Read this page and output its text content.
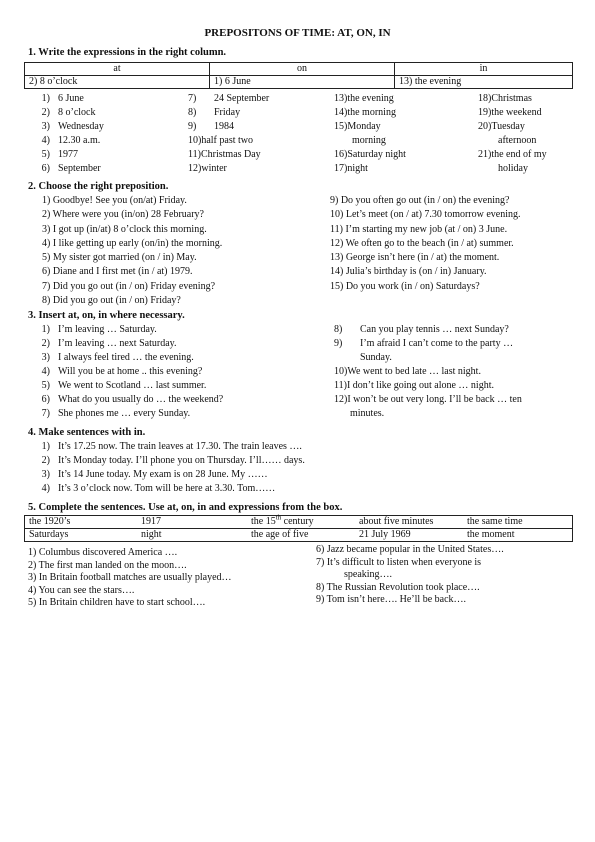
PREPOSITONS OF TIME: AT, ON, IN

1. Write the expressions in the right column.

at	on	in
2) 8 o’clock	1) 6 June	13) the evening
1) 6 June
2) 8 o’clock
3) Wednesday
4) 12.30 a.m.
5) 1977
6) September
7) 24 September
8) Friday
9) 1984
10)half past two
11)Christmas Day
12)winter
13)the evening
14)the morning
15)Monday
morning
16)Saturday night
17)night
18)Christmas
19)the weekend
20)Tuesday
afternoon
21)the end of my
holiday

2. Choose the right preposition.

1) Goodbye! See you (on/at) Friday.
2) Where were you (in/on) 28 February?
3) I got up (in/at) 8 o’clock this morning.
4) I like getting up early (on/in) the morning.
5) My sister got married (on / in) May.
6) Diane and I first met (in / at) 1979.
7) Did you go out (in / on) Friday evening?
8) Did you go out (in / on) Friday?
9) Do you often go out (in / on) the evening?
10) Let’s meet (on / at) 7.30 tomorrow evening.
11) I’m starting my new job (at / on) 3 June.
12) We often go to the beach (in / at) summer.
13) George isn’t here (in / at) the moment.
14) Julia’s birthday is (on / in) January.
15) Do you work (in / on) Saturdays?

3. Insert at, on, in where necessary.

1) I’m leaving … Saturday.
2) I’m leaving … next Saturday.
3) I always feel tired … the evening.
4) Will you be at home .. this evening?
5) We went to Scotland … last summer.
6) What do you usually do … the weekend?
7) She phones me … every Sunday.
8) Can you play tennis … next Sunday?
9) I’m afraid I can’t come to the party …
Sunday.
10)We went to bed late … last night.
11)I don’t like going out alone … night.
12)I won’t be out very long. I’ll be back … ten
minutes.

4. Make sentences with in.

1) It’s 17.25 now. The train leaves at 17.30. The train leaves ….
2) It’s Monday today. I’ll phone you on Thursday. I’ll…… days.
3) It’s 14 June today. My exam is on 28 June. My ……
4) It’s 3 o’clock now. Tom will be here at 3.30. Tom……

5. Complete the sentences. Use at, on, in and expressions from the box.

the 1920’s	1917	the 15th century	about five minutes	the same time
Saturdays	night	the age of five	21 July 1969	the moment
1) Columbus discovered America ….
2) The first man landed on the moon….
3) In Britain football matches are usually played…
4) You can see the stars….
5) In Britain children have to start school….
6) Jazz became popular in the United States….
7) It’s difficult to listen when everyone is
speaking….
8) The Russian Revolution took place….
9) Tom isn’t here…. He’ll be back….
